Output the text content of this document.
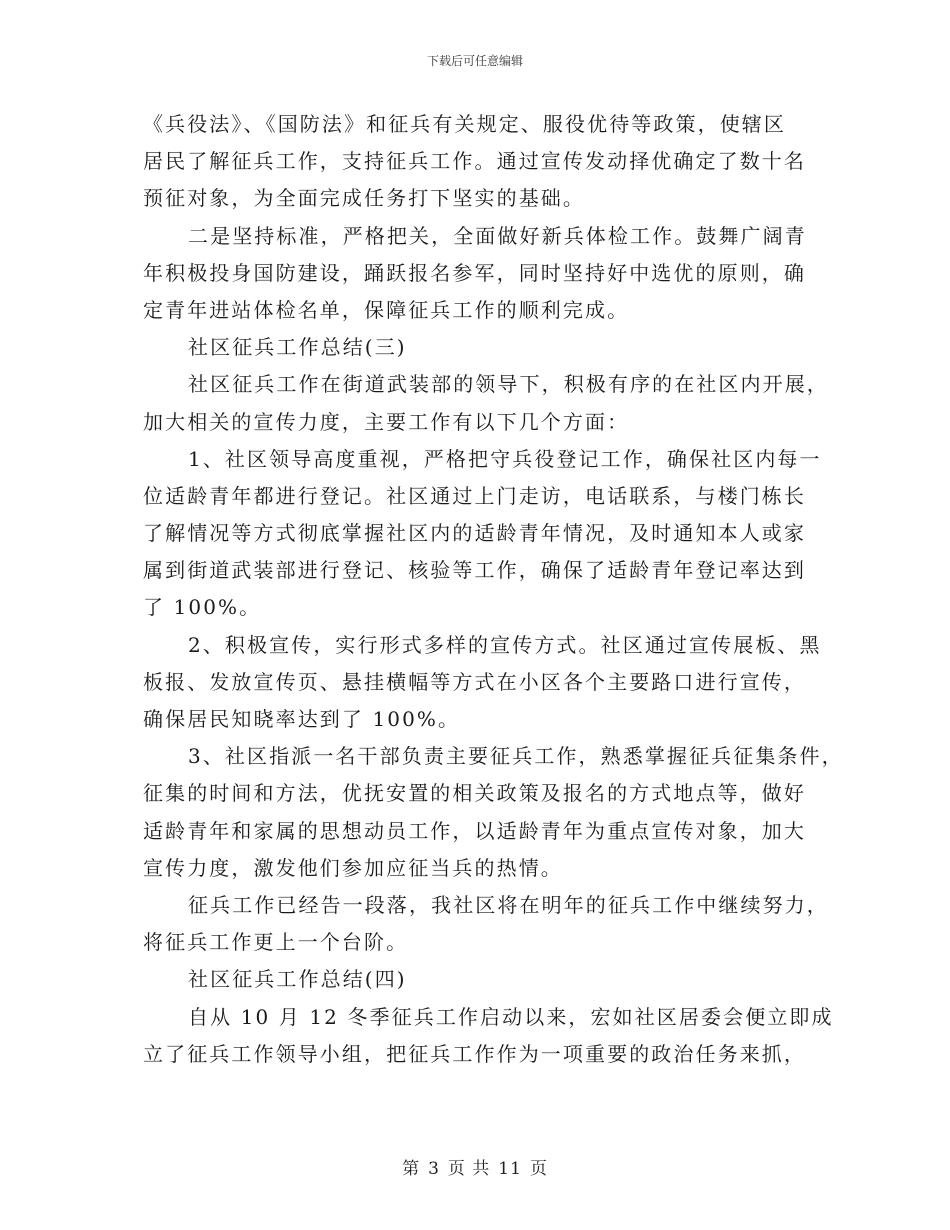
下载后可任意编辑
《兵役法》、《国防法》和征兵有关规定、服役优待等政策，使辖区
居民了解征兵工作，支持征兵工作。通过宣传发动择优确定了数十名
预征对象，为全面完成任务打下坚实的基础。
二是坚持标准，严格把关，全面做好新兵体检工作。鼓舞广阔青
年积极投身国防建设，踊跃报名参军，同时坚持好中选优的原则，确
定青年进站体检名单，保障征兵工作的顺利完成。
社区征兵工作总结(三)
社区征兵工作在街道武装部的领导下，积极有序的在社区内开展，
加大相关的宣传力度，主要工作有以下几个方面：
1、社区领导高度重视，严格把守兵役登记工作，确保社区内每一
位适龄青年都进行登记。社区通过上门走访，电话联系，与楼门栋长
了解情况等方式彻底掌握社区内的适龄青年情况，及时通知本人或家
属到街道武装部进行登记、核验等工作，确保了适龄青年登记率达到
了 100%。
2、积极宣传，实行形式多样的宣传方式。社区通过宣传展板、黑
板报、发放宣传页、悬挂横幅等方式在小区各个主要路口进行宣传，
确保居民知晓率达到了 100%。
3、社区指派一名干部负责主要征兵工作，熟悉掌握征兵征集条件，
征集的时间和方法，优抚安置的相关政策及报名的方式地点等，做好
适龄青年和家属的思想动员工作，以适龄青年为重点宣传对象，加大
宣传力度，激发他们参加应征当兵的热情。
征兵工作已经告一段落，我社区将在明年的征兵工作中继续努力，
将征兵工作更上一个台阶。
社区征兵工作总结(四)
自从 10 月 12 冬季征兵工作启动以来，宏如社区居委会便立即成
立了征兵工作领导小组，把征兵工作作为一项重要的政治任务来抓，
第 3 页 共 11 页
